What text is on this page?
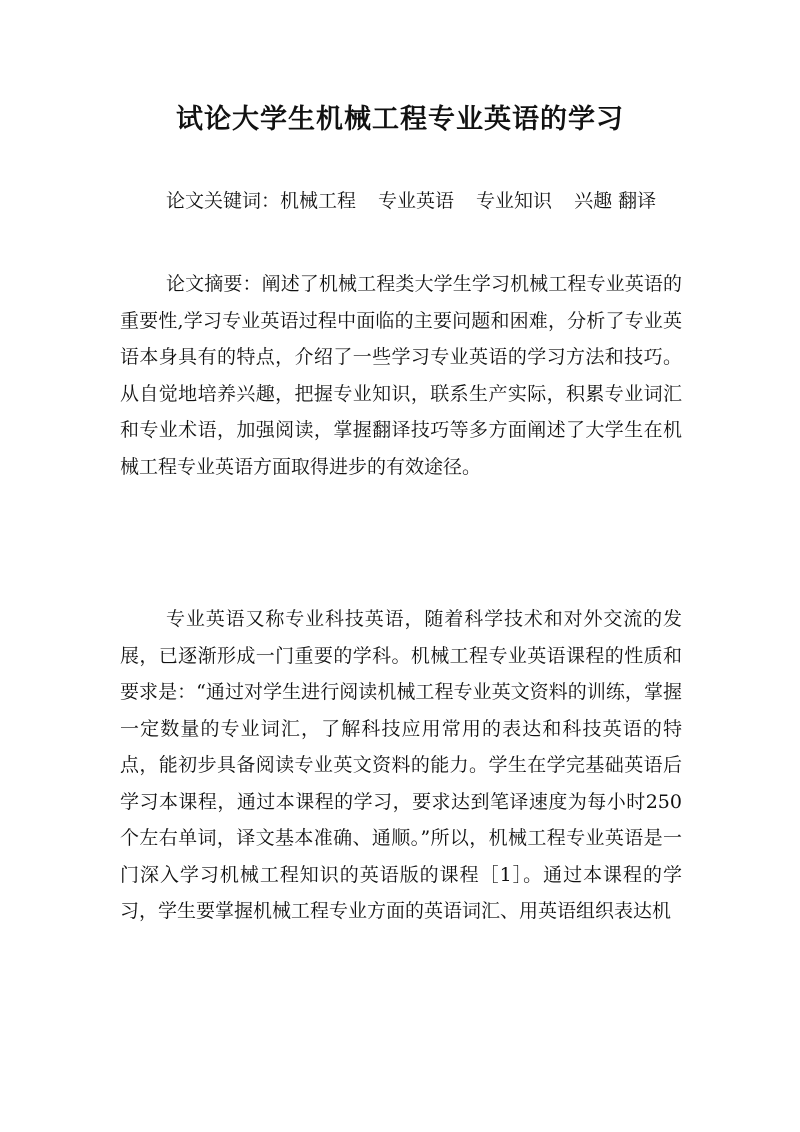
试论大学生机械工程专业英语的学习

论文关键词：机械工程 专业英语 专业知识 兴趣 翻译

论文摘要：阐述了机械工程类大学生学习机械工程专业英语的重要性,学习专业英语过程中面临的主要问题和困难，分析了专业英语本身具有的特点，介绍了一些学习专业英语的学习方法和技巧。从自觉地培养兴趣，把握专业知识，联系生产实际，积累专业词汇和专业术语，加强阅读，掌握翻译技巧等多方面阐述了大学生在机械工程专业英语方面取得进步的有效途径。

专业英语又称专业科技英语，随着科学技术和对外交流的发展，已逐渐形成一门重要的学科。机械工程专业英语课程的性质和要求是：“通过对学生进行阅读机械工程专业英文资料的训练，掌握一定数量的专业词汇，了解科技应用常用的表达和科技英语的特点，能初步具备阅读专业英文资料的能力。学生在学完基础英语后学习本课程，通过本课程的学习，要求达到笔译速度为每小时250个左右单词，译文基本准确、通顺。”所以，机械工程专业英语是一门深入学习机械工程知识的英语版的课程［1］。通过本课程的学习，学生要掌握机械工程专业方面的英语词汇、用英语组织表达机
